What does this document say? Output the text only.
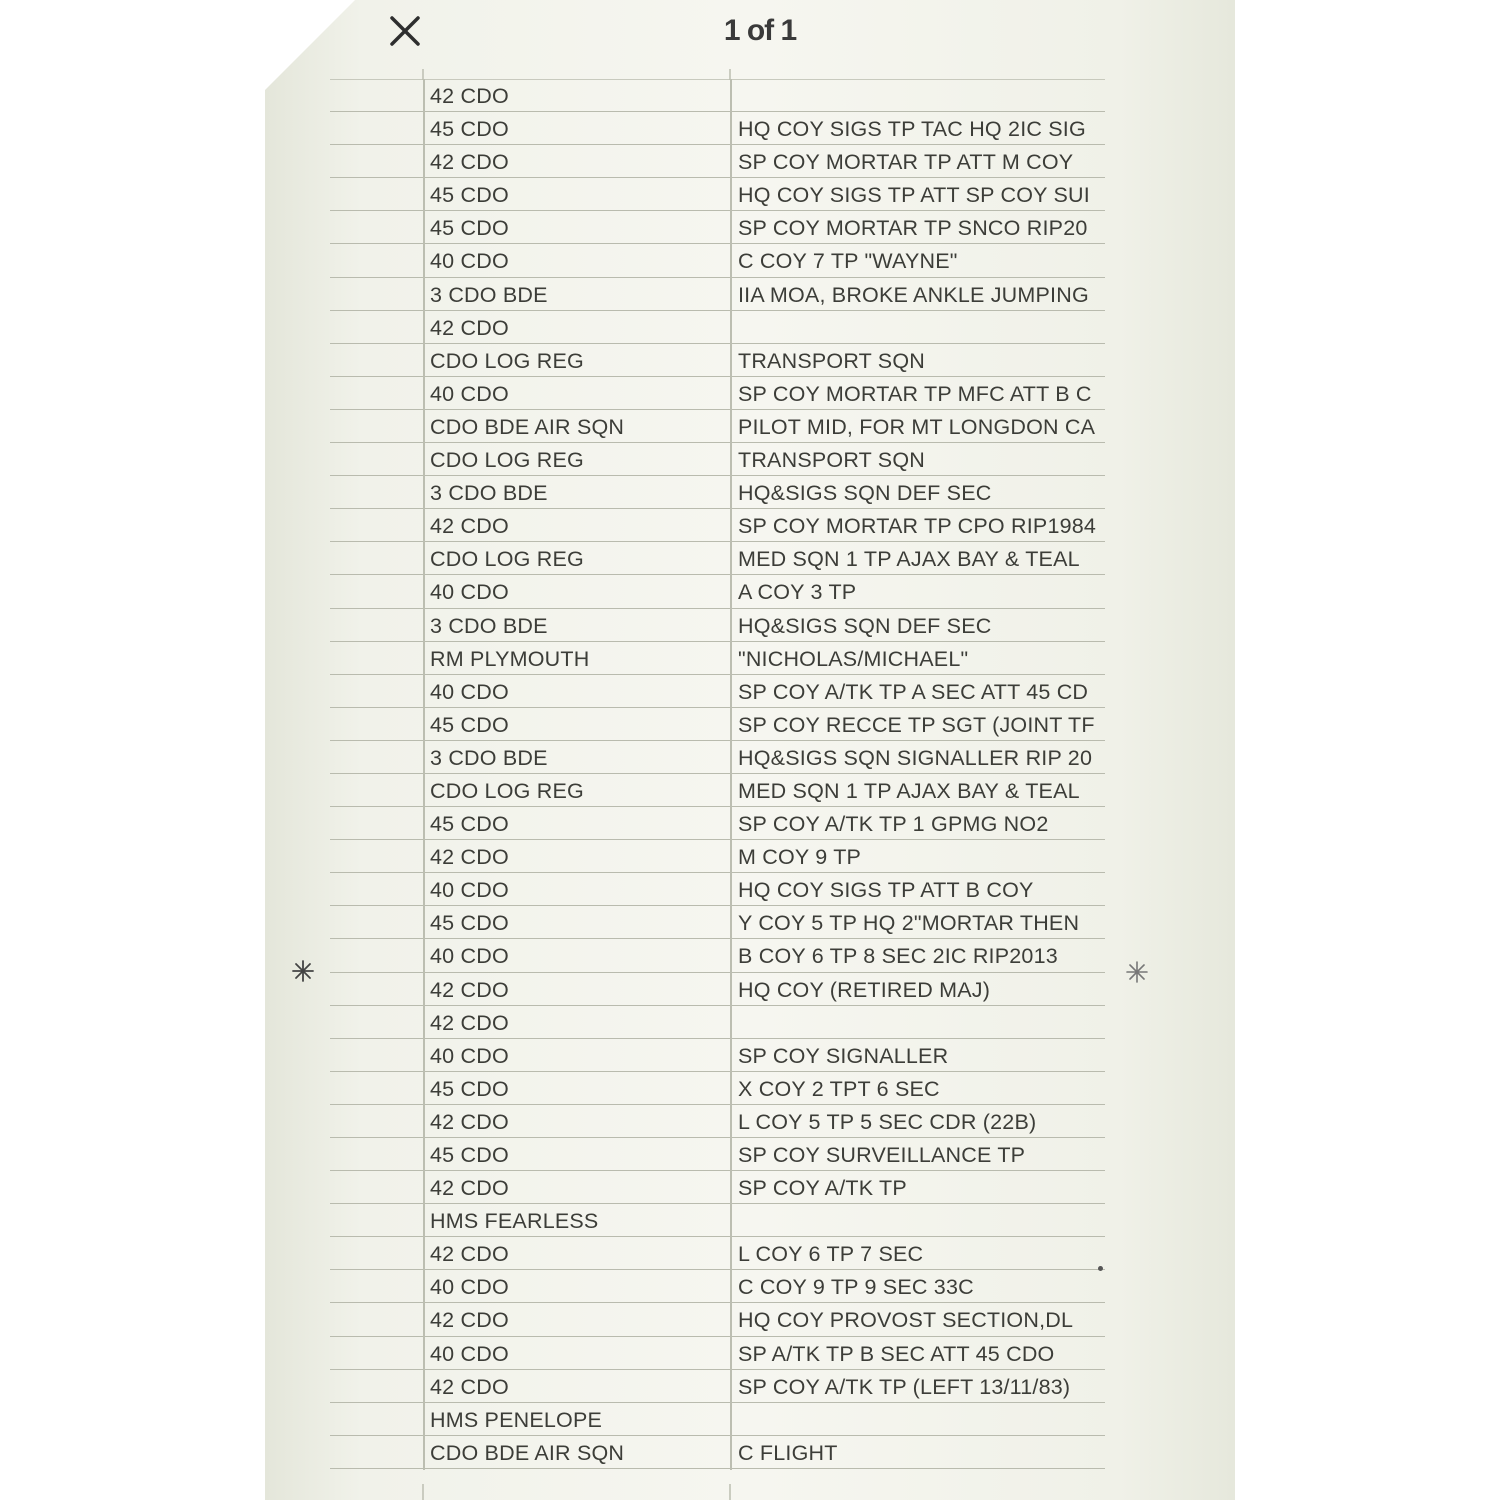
1 of 1
42 CDO
45 CDO	HQ COY SIGS TP TAC HQ 2IC SIG
42 CDO	SP COY MORTAR TP ATT M COY
45 CDO	HQ COY SIGS TP ATT SP COY SUI
45 CDO	SP COY MORTAR TP SNCO RIP20
40 CDO	C COY 7 TP "WAYNE"
3 CDO BDE	IIA MOA, BROKE ANKLE JUMPING
42 CDO
CDO LOG REG	TRANSPORT SQN
40 CDO	SP COY MORTAR TP MFC ATT B C
CDO BDE AIR SQN	PILOT MID, FOR MT LONGDON CA
CDO LOG REG	TRANSPORT SQN
3 CDO BDE	HQ&SIGS SQN DEF SEC
42 CDO	SP COY MORTAR TP CPO RIP1984
CDO LOG REG	MED SQN 1 TP AJAX BAY & TEAL
40 CDO	A COY 3 TP
3 CDO BDE	HQ&SIGS SQN DEF SEC
RM PLYMOUTH	"NICHOLAS/MICHAEL"
40 CDO	SP COY A/TK TP A SEC ATT 45 CD
45 CDO	SP COY RECCE TP SGT (JOINT TF
3 CDO BDE	HQ&SIGS SQN SIGNALLER RIP 20
CDO LOG REG	MED SQN 1 TP AJAX BAY & TEAL
45 CDO	SP COY A/TK TP 1 GPMG NO2
42 CDO	M COY 9 TP
40 CDO	HQ COY SIGS TP ATT B COY
45 CDO	Y COY 5 TP HQ 2"MORTAR THEN
40 CDO	B COY 6 TP 8 SEC 2IC RIP2013
42 CDO	HQ COY (RETIRED MAJ)
42 CDO
40 CDO	SP COY SIGNALLER
45 CDO	X COY 2 TPT 6 SEC
42 CDO	L COY 5 TP 5 SEC CDR (22B)
45 CDO	SP COY SURVEILLANCE TP
42 CDO	SP COY A/TK TP
HMS FEARLESS
42 CDO	L COY 6 TP 7 SEC
40 CDO	C COY 9 TP 9 SEC 33C
42 CDO	HQ COY PROVOST SECTION,DL
40 CDO	SP A/TK TP B SEC ATT 45 CDO
42 CDO	SP COY A/TK TP (LEFT 13/11/83)
HMS PENELOPE
CDO BDE AIR SQN	C FLIGHT
